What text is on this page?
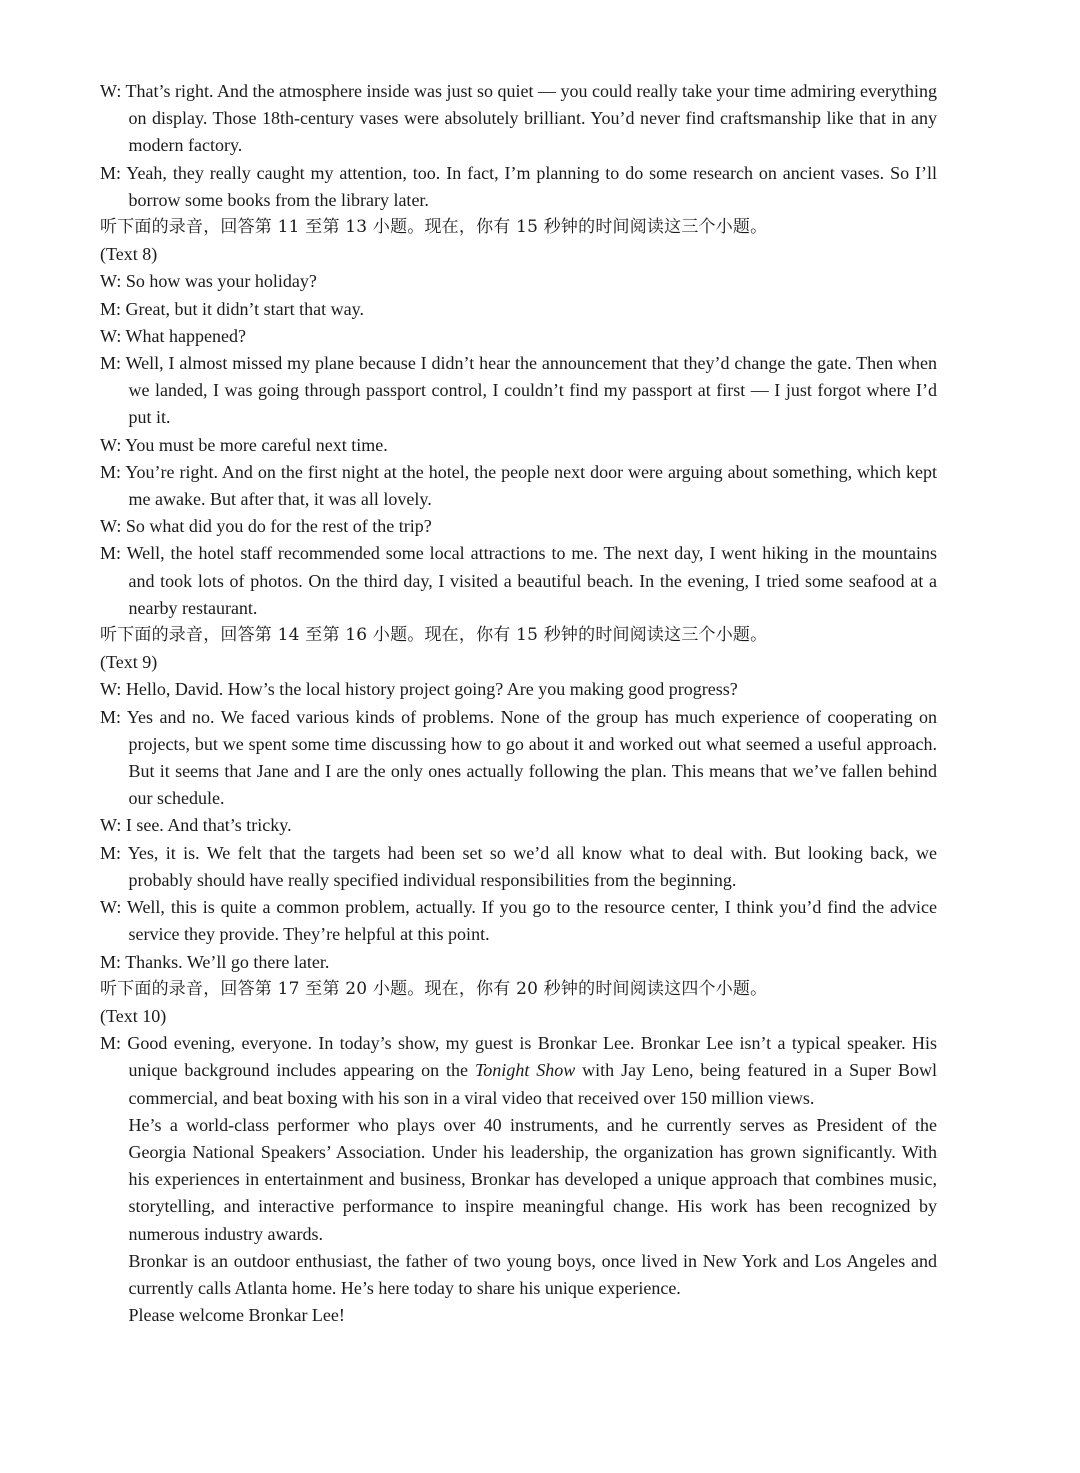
W: That’s right. And the atmosphere inside was just so quiet — you could really take your time admiring everything on display. Those 18th-century vases were absolutely brilliant. You’d never find craftsmanship like that in any modern factory.

M: Yeah, they really caught my attention, too. In fact, I’m planning to do some research on ancient vases. So I’ll borrow some books from the library later.

听下面的录音，回答第 11 至第 13 小题。现在，你有 15 秒钟的时间阅读这三个小题。

(Text 8)

W: So how was your holiday?

M: Great, but it didn’t start that way.

W: What happened?

M: Well, I almost missed my plane because I didn’t hear the announcement that they’d change the gate. Then when we landed, I was going through passport control, I couldn’t find my passport at first — I just forgot where I’d put it.

W: You must be more careful next time.

M: You’re right. And on the first night at the hotel, the people next door were arguing about something, which kept me awake. But after that, it was all lovely.

W: So what did you do for the rest of the trip?

M: Well, the hotel staff recommended some local attractions to me. The next day, I went hiking in the mountains and took lots of photos. On the third day, I visited a beautiful beach. In the evening, I tried some seafood at a nearby restaurant.

听下面的录音，回答第 14 至第 16 小题。现在，你有 15 秒钟的时间阅读这三个小题。

(Text 9)

W: Hello, David. How’s the local history project going? Are you making good progress?

M: Yes and no. We faced various kinds of problems. None of the group has much experience of cooperating on projects, but we spent some time discussing how to go about it and worked out what seemed a useful approach. But it seems that Jane and I are the only ones actually following the plan. This means that we’ve fallen behind our schedule.

W: I see. And that’s tricky.

M: Yes, it is. We felt that the targets had been set so we’d all know what to deal with. But looking back, we probably should have really specified individual responsibilities from the beginning.

W: Well, this is quite a common problem, actually. If you go to the resource center, I think you’d find the advice service they provide. They’re helpful at this point.

M: Thanks. We’ll go there later.

听下面的录音，回答第 17 至第 20 小题。现在，你有 20 秒钟的时间阅读这四个小题。

(Text 10)

M: Good evening, everyone. In today’s show, my guest is Bronkar Lee. Bronkar Lee isn’t a typical speaker. His unique background includes appearing on the Tonight Show with Jay Leno, being featured in a Super Bowl commercial, and beat boxing with his son in a viral video that received over 150 million views.

He’s a world-class performer who plays over 40 instruments, and he currently serves as President of the Georgia National Speakers’ Association. Under his leadership, the organization has grown significantly. With his experiences in entertainment and business, Bronkar has developed a unique approach that combines music, storytelling, and interactive performance to inspire meaningful change. His work has been recognized by numerous industry awards.

Bronkar is an outdoor enthusiast, the father of two young boys, once lived in New York and Los Angeles and currently calls Atlanta home. He’s here today to share his unique experience.

Please welcome Bronkar Lee!
